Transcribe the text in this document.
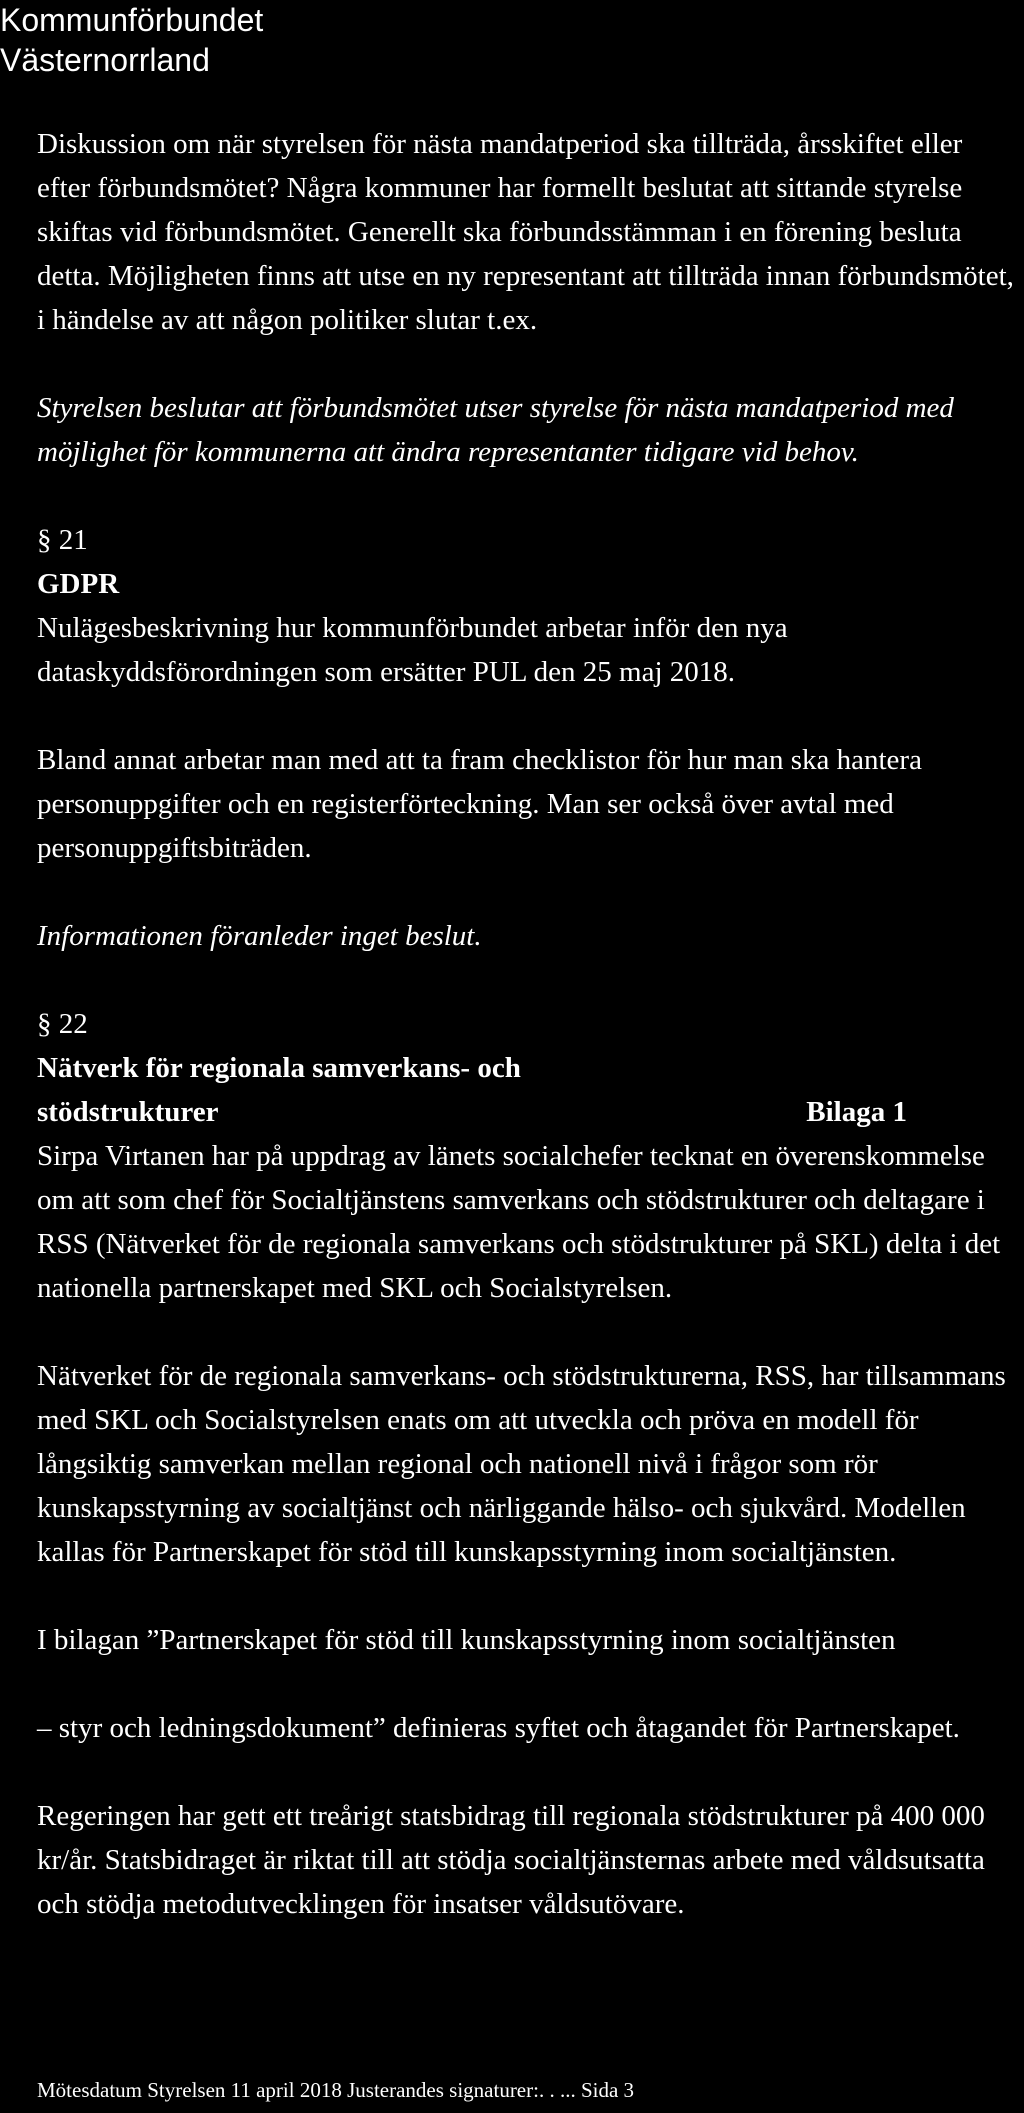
Kommunförbundet
Västernorrland

Diskussion om när styrelsen för nästa mandatperiod ska tillträda, årsskiftet eller efter förbundsmötet? Några kommuner har formellt beslutat att sittande styrelse skiftas vid förbundsmötet. Generellt ska förbundsstämman i en förening besluta detta. Möjligheten finns att utse en ny representant att tillträda innan förbundsmötet, i händelse av att någon politiker slutar t.ex.

Styrelsen beslutar att förbundsmötet utser styrelse för nästa mandatperiod med möjlighet för kommunerna att ändra representanter tidigare vid behov.

§ 21
GDPR

Nulägesbeskrivning hur kommunförbundet arbetar inför den nya dataskyddsförordningen som ersätter PUL den 25 maj 2018.

Bland annat arbetar man med att ta fram checklistor för hur man ska hantera personuppgifter och en registerförteckning. Man ser också över avtal med personuppgiftsbiträden.

Informationen föranleder inget beslut.

§ 22
Nätverk för regionala samverkans- och
stödstrukturer	Bilaga 1

Sirpa Virtanen har på uppdrag av länets socialchefer tecknat en överenskommelse om att som chef för Socialtjänstens samverkans och stödstrukturer och deltagare i RSS (Nätverket för de regionala samverkans och stödstrukturer på SKL) delta i det nationella partnerskapet med SKL och Socialstyrelsen.

Nätverket för de regionala samverkans- och stödstrukturerna, RSS, har tillsammans med SKL och Socialstyrelsen enats om att utveckla och pröva en modell för långsiktig samverkan mellan regional och nationell nivå i frågor som rör kunskapsstyrning av socialtjänst och närliggande hälso- och sjukvård. Modellen kallas för Partnerskapet för stöd till kunskapsstyrning inom socialtjänsten.

I bilagan ”Partnerskapet för stöd till kunskapsstyrning inom socialtjänsten

– styr och ledningsdokument” definieras syftet och åtagandet för Partnerskapet.

Regeringen har gett ett treårigt statsbidrag till regionala stödstrukturer på 400 000 kr/år. Statsbidraget är riktat till att stödja socialtjänsternas arbete med våldsutsatta och stödja metodutvecklingen för insatser våldsutövare.

Mötesdatum Styrelsen 11 april 2018 Justerandes signaturer:. . ... Sida 3
